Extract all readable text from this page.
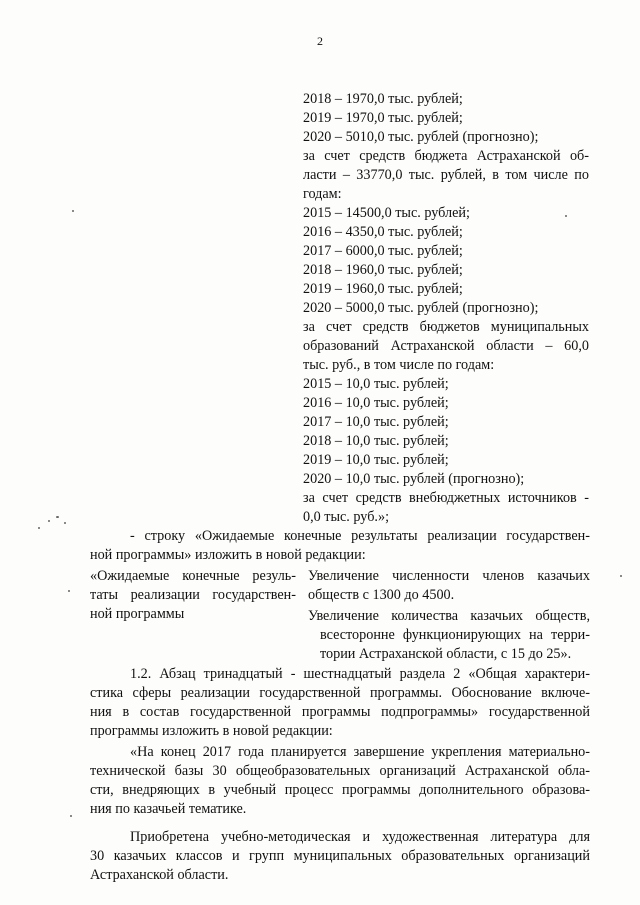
2
2018 – 1970,0 тыс. рублей;
2019 – 1970,0 тыс. рублей;
2020 – 5010,0 тыс. рублей (прогнозно);
за счет средств бюджета Астраханской об-
ласти – 33770,0 тыс. рублей, в том числе по
годам:
2015 – 14500,0 тыс. рублей;
2016 – 4350,0 тыс. рублей;
2017 – 6000,0 тыс. рублей;
2018 – 1960,0 тыс. рублей;
2019 – 1960,0 тыс. рублей;
2020 – 5000,0 тыс. рублей (прогнозно);
за счет средств бюджетов муниципальных
образований Астраханской области – 60,0
тыс. руб., в том числе по годам:
2015 – 10,0 тыс. рублей;
2016 – 10,0 тыс. рублей;
2017 – 10,0 тыс. рублей;
2018 – 10,0 тыс. рублей;
2019 – 10,0 тыс. рублей;
2020 – 10,0 тыс. рублей (прогнозно);
за счет средств внебюджетных источников -
0,0 тыс. руб.»;
- строку «Ожидаемые конечные результаты реализации государствен-
ной программы» изложить в новой редакции:
«Ожидаемые конечные резуль-
таты реализации государствен-
ной программы
Увеличение численности членов казачьих
обществ с 1300 до 4500.
Увеличение количества казачьих обществ,
всесторонне функционирующих на терри-
тории Астраханской области, с 15 до 25».
1.2. Абзац тринадцатый - шестнадцатый раздела 2 «Общая характери-
стика сферы реализации государственной программы. Обоснование включе-
ния в состав государственной программы подпрограммы» государственной
программы изложить в новой редакции:
«На конец 2017 года планируется завершение укрепления материально-
технической базы 30 общеобразовательных организаций Астраханской обла-
сти, внедряющих в учебный процесс программы дополнительного образова-
ния по казачьей тематике.
Приобретена учебно-методическая и художественная литература для
30 казачьих классов и групп муниципальных образовательных организаций
Астраханской области.
